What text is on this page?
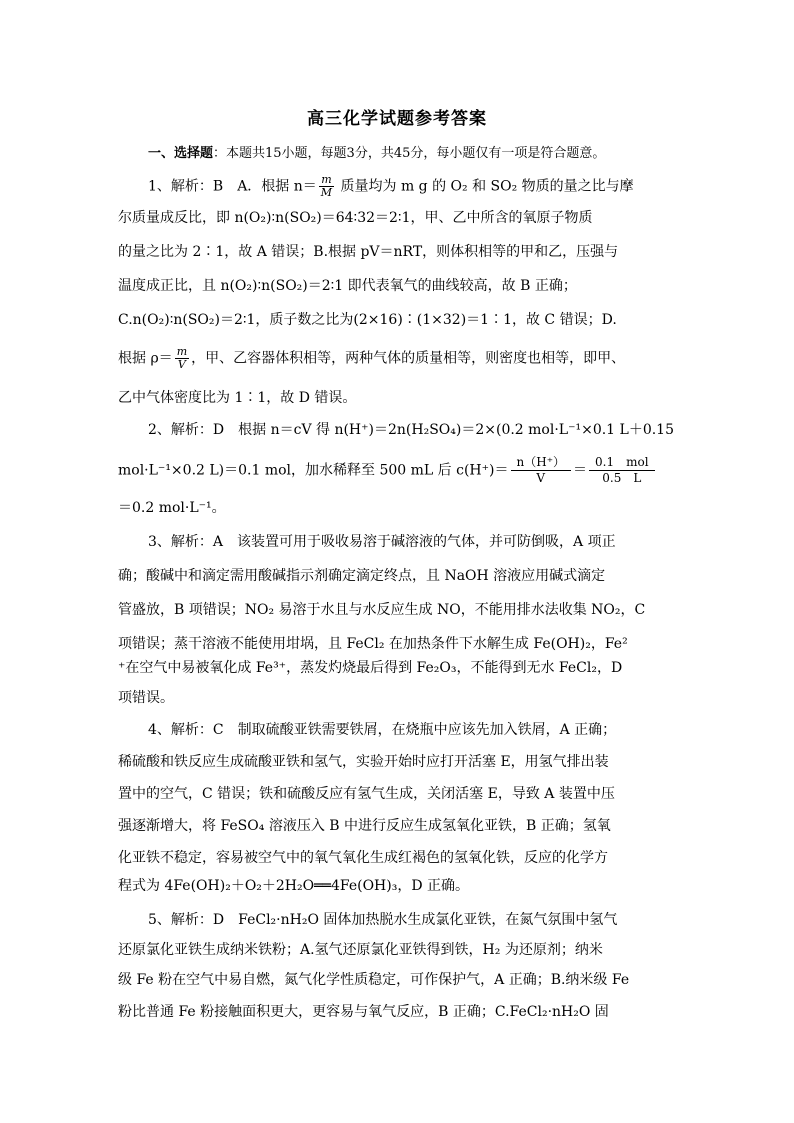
高三化学试题参考答案
一、选择题：本题共15小题，每题3分，共45分，每小题仅有一项是符合题意。
1、解析：B　A．根据 $n= \frac{m}{M}$ 质量均为 m g 的 O₂ 和 SO₂ 物质的量之比与摩
尔质量成反比，即 n(O₂)∶n(SO₂)＝64∶32＝2∶1，甲、乙中所含的氧原子物质
的量之比为 2∶1，故 A 错误；B.根据 pV＝nRT，则体积相等的甲和乙，压强与
温度成正比，且 n(O₂)∶n(SO₂)＝2∶1 即代表氧气的曲线较高，故 B 正确；
C.n(O₂)∶n(SO₂)＝2∶1，质子数之比为(2×16)∶(1×32)＝1∶1，故 C 错误；D.
根据 $\rho= \frac{m}{V}$ ，甲、乙容器体积相等，两种气体的质量相等，则密度也相等，即甲、
乙中气体密度比为 1∶1，故 D 错误。
2、解析：D　根据 n＝cV 得 n(H⁺)＝2n(H₂SO₄)＝2×(0.2 mol·L⁻¹×0.1 L＋0.15
mol·L⁻¹×0.2 L)＝0.1 mol，加水稀释至 500 mL 后 $c(H^+)= \frac{n(H^+)}{V} = \frac{\text{0.1　mol}}{0.5 L}$
＝0.2 mol·L⁻¹。
3、解析：A　该装置可用于吸收易溶于碱溶液的气体，并可防倒吸，A 项正
确；酸碱中和滴定需用酸碱指示剂确定滴定终点，且 NaOH 溶液应用碱式滴定
管盛放，B 项错误；NO₂ 易溶于水且与水反应生成 NO，不能用排水法收集 NO₂，C
项错误；蒸干溶液不能使用坩埚，且 FeCl₂ 在加热条件下水解生成 Fe(OH)₂，Fe²
⁺在空气中易被氧化成 Fe³⁺，蒸发灼烧最后得到 Fe₂O₃，不能得到无水 FeCl₂，D
项错误。
4、解析：C　制取硫酸亚铁需要铁屑，在烧瓶中应该先加入铁屑，A 正确；
稀硫酸和铁反应生成硫酸亚铁和氢气，实验开始时应打开活塞 E，用氢气排出装
置中的空气，C 错误；铁和硫酸反应有氢气生成，关闭活塞 E，导致 A 装置中压
强逐渐增大，将 FeSO₄ 溶液压入 B 中进行反应生成氢氧化亚铁，B 正确；氢氧
化亚铁不稳定，容易被空气中的氧气氧化生成红褐色的氢氧化铁，反应的化学方
程式为 4Fe(OH)₂＋O₂＋2H₂O══4Fe(OH)₃，D 正确。
5、解析：D　FeCl₂·nH₂O 固体加热脱水生成氯化亚铁，在氮气氛围中氢气
还原氯化亚铁生成纳米铁粉；A.氢气还原氯化亚铁得到铁，H₂ 为还原剂；纳米
级 Fe 粉在空气中易自燃，氮气化学性质稳定，可作保护气，A 正确；B.纳米级 Fe
粉比普通 Fe 粉接触面积更大，更容易与氧气反应，B 正确；C.FeCl₂·nH₂O 固
